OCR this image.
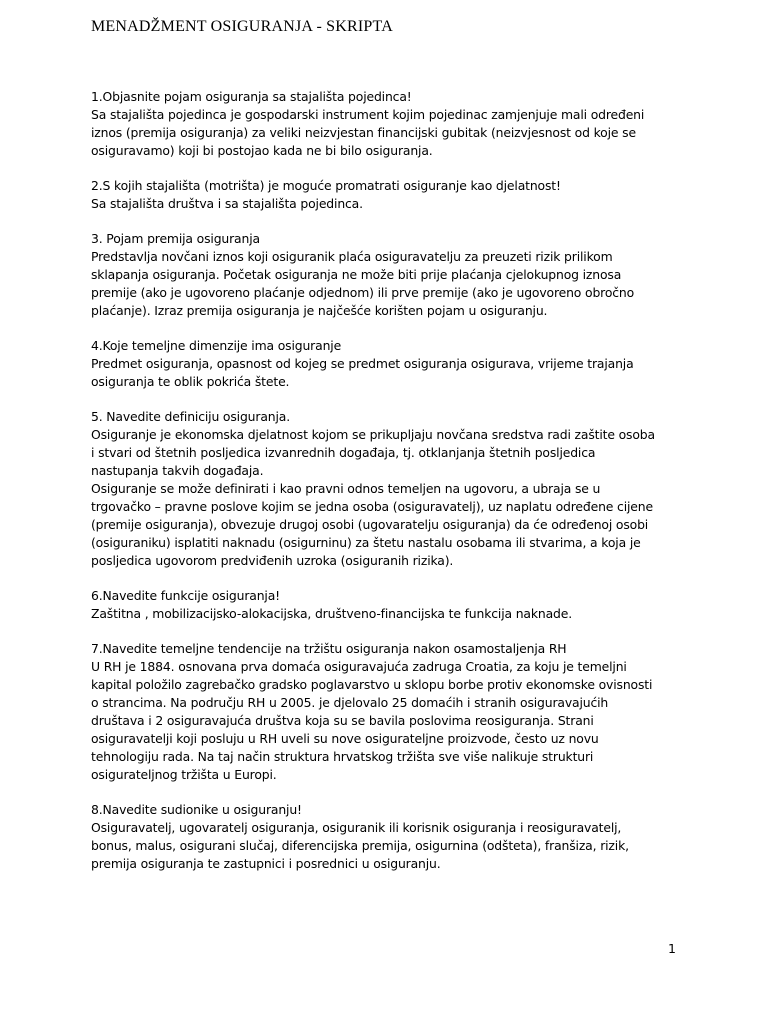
MENADŽMENT OSIGURANJA - SKRIPTA
1.Objasnite pojam osiguranja sa stajališta pojedinca!
Sa stajališta pojedinca je gospodarski instrument kojim pojedinac zamjenjuje mali određeni
iznos (premija osiguranja) za veliki neizvjestan financijski gubitak (neizvjesnost od koje se
osiguravamo) koji bi postojao kada ne bi bilo osiguranja.
2.S kojih stajališta (motrišta) je moguće promatrati osiguranje kao djelatnost!
Sa stajališta društva i sa stajališta pojedinca.
3. Pojam premija osiguranja
Predstavlja novčani iznos koji osiguranik plaća osiguravatelju za preuzeti rizik prilikom
sklapanja osiguranja. Početak osiguranja ne može biti prije plaćanja cjelokupnog iznosa
premije (ako je ugovoreno plaćanje odjednom) ili prve premije (ako je ugovoreno obročno
plaćanje). Izraz premija osiguranja je najčešće korišten pojam u osiguranju.
4.Koje temeljne dimenzije ima osiguranje
Predmet osiguranja, opasnost od kojeg se predmet osiguranja osigurava, vrijeme trajanja
osiguranja te oblik pokrića štete.
5. Navedite definiciju osiguranja.
Osiguranje je ekonomska djelatnost kojom se prikupljaju novčana sredstva radi zaštite osoba
i stvari od štetnih posljedica izvanrednih događaja, tj. otklanjanja štetnih posljedica
nastupanja takvih događaja.
Osiguranje se može definirati i kao pravni odnos temeljen na ugovoru, a ubraja se u
trgovačko – pravne poslove kojim se jedna osoba (osiguravatelj), uz naplatu određene cijene
(premije osiguranja), obvezuje drugoj osobi (ugovaratelju osiguranja) da će određenoj osobi
(osiguraniku) isplatiti naknadu (osigurninu) za štetu nastalu osobama ili stvarima, a koja je
posljedica ugovorom predviđenih uzroka (osiguranih rizika).
6.Navedite funkcije osiguranja!
Zaštitna , mobilizacijsko-alokacijska, društveno-financijska te funkcija naknade.
7.Navedite temeljne tendencije na tržištu osiguranja nakon osamostaljenja RH
U RH je 1884. osnovana prva domaća osiguravajuća zadruga Croatia, za koju je temeljni
kapital položilo zagrebačko gradsko poglavarstvo u sklopu borbe protiv ekonomske ovisnosti
o strancima. Na području RH u 2005. je djelovalo 25 domaćih i stranih osiguravajućih
društava i 2 osiguravajuća društva koja su se bavila poslovima reosiguranja. Strani
osiguravatelji koji posluju u RH uveli su nove osigurateljne proizvode, često uz novu
tehnologiju rada. Na taj način struktura hrvatskog tržišta sve više nalikuje strukturi
osigurateljnog tržišta u Europi.
8.Navedite sudionike u osiguranju!
Osiguravatelj, ugovaratelj osiguranja, osiguranik ili korisnik osiguranja i reosiguravatelj,
bonus, malus, osigurani slučaj, diferencijska premija, osigurnina (odšteta), franšiza, rizik,
premija osiguranja te zastupnici i posrednici u osiguranju.
1
